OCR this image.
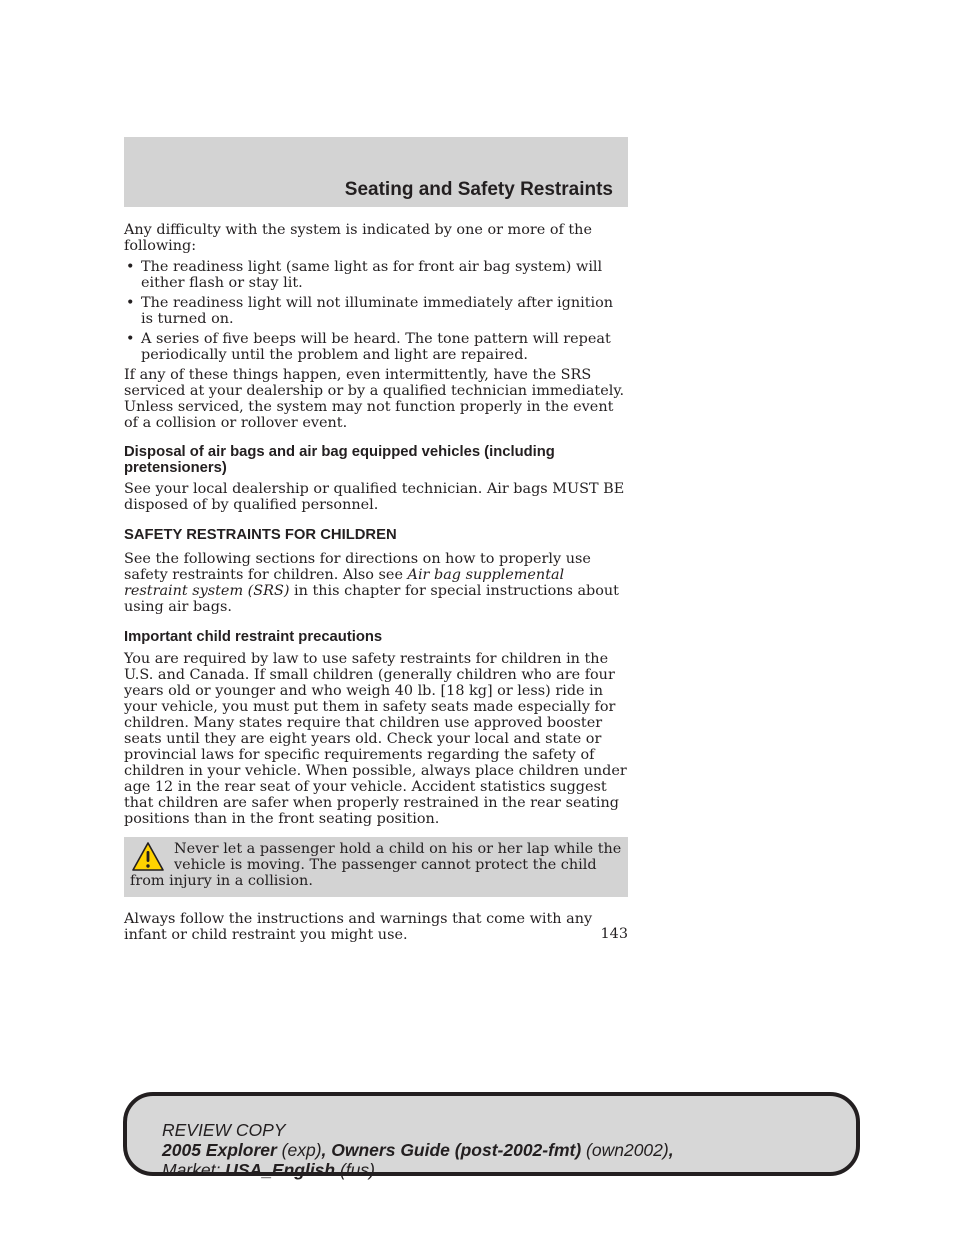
Seating and Safety Restraints

Any difficulty with the system is indicated by one or more of the following:

• The readiness light (same light as for front air bag system) will either flash or stay lit.
• The readiness light will not illuminate immediately after ignition is turned on.
• A series of five beeps will be heard. The tone pattern will repeat periodically until the problem and light are repaired.

If any of these things happen, even intermittently, have the SRS serviced at your dealership or by a qualified technician immediately. Unless serviced, the system may not function properly in the event of a collision or rollover event.

Disposal of air bags and air bag equipped vehicles (including pretensioners)

See your local dealership or qualified technician. Air bags MUST BE disposed of by qualified personnel.

SAFETY RESTRAINTS FOR CHILDREN

See the following sections for directions on how to properly use safety restraints for children. Also see Air bag supplemental restraint system (SRS) in this chapter for special instructions about using air bags.

Important child restraint precautions

You are required by law to use safety restraints for children in the U.S. and Canada. If small children (generally children who are four years old or younger and who weigh 40 lb. [18 kg] or less) ride in your vehicle, you must put them in safety seats made especially for children. Many states require that children use approved booster seats until they are eight years old. Check your local and state or provincial laws for specific requirements regarding the safety of children in your vehicle. When possible, always place children under age 12 in the rear seat of your vehicle. Accident statistics suggest that children are safer when properly restrained in the rear seating positions than in the front seating position.

Never let a passenger hold a child on his or her lap while the vehicle is moving. The passenger cannot protect the child from injury in a collision.

Always follow the instructions and warnings that come with any infant or child restraint you might use.	143
REVIEW COPY
2005 Explorer (exp), Owners Guide (post-2002-fmt) (own2002),
Market: USA_English (fus)
